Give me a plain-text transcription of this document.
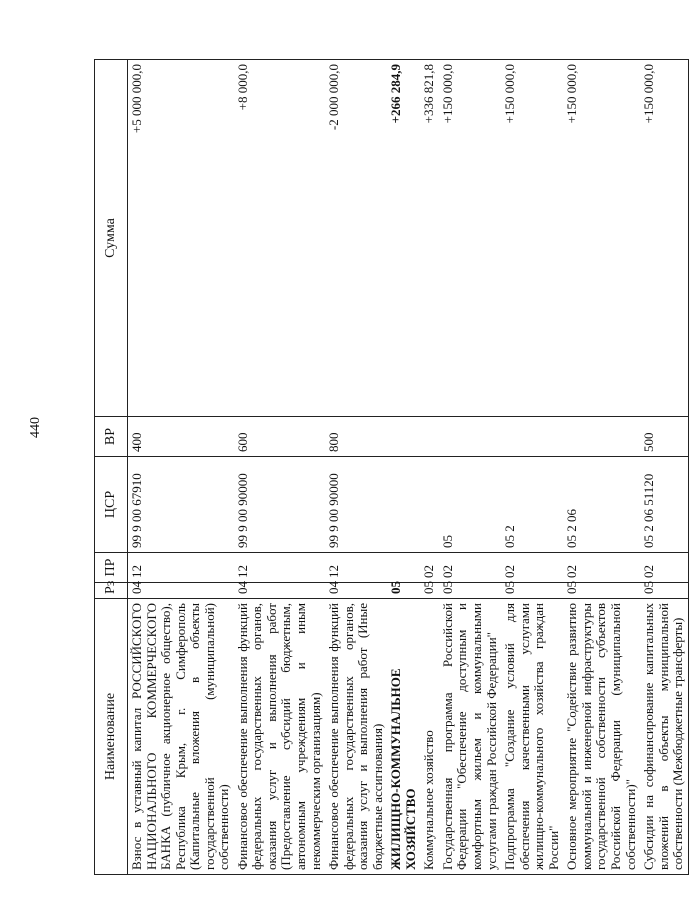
440
Наименование	Рз	ПР	ЦСР	ВР	Сумма
Взнос в уставный капитал РОССИЙСКОГО НАЦИОНАЛЬНОГО КОММЕРЧЕСКОГО БАНКА (публичное акционерное общество), Республика Крым, г. Симферополь (Капитальные вложения в объекты государственной (муниципальной) собственности)	04	12	99 9 00 67910	400	+5 000 000,0
Финансовое обеспечение выполнения функций федеральных государственных органов, оказания услуг и выполнения работ (Предоставление субсидий бюджетным, автономным учреждениям и иным некоммерческим организациям)	04	12	99 9 00 90000	600	+8 000,0
Финансовое обеспечение выполнения функций федеральных государственных органов, оказания услуг и выполнения работ (Иные бюджетные ассигнования)	04	12	99 9 00 90000	800	-2 000 000,0
ЖИЛИЩНО-КОММУНАЛЬНОЕ ХОЗЯЙСТВО	05				+266 284,9
Коммунальное хозяйство	05	02			+336 821,8
Государственная программа Российской Федерации "Обеспечение доступным и комфортным жильем и коммунальными услугами граждан Российской Федерации"	05	02	05		+150 000,0
Подпрограмма "Создание условий для обеспечения качественными услугами жилищно-коммунального хозяйства граждан России"	05	02	05 2		+150 000,0
Основное мероприятие "Содействие развитию коммунальной и инженерной инфраструктуры государственной собственности субъектов Российской Федерации (муниципальной собственности)"	05	02	05 2 06		+150 000,0
Субсидии на софинансирование капитальных вложений в объекты муниципальной собственности (Межбюджетные трансферты)	05	02	05 2 06 51120	500	+150 000,0
